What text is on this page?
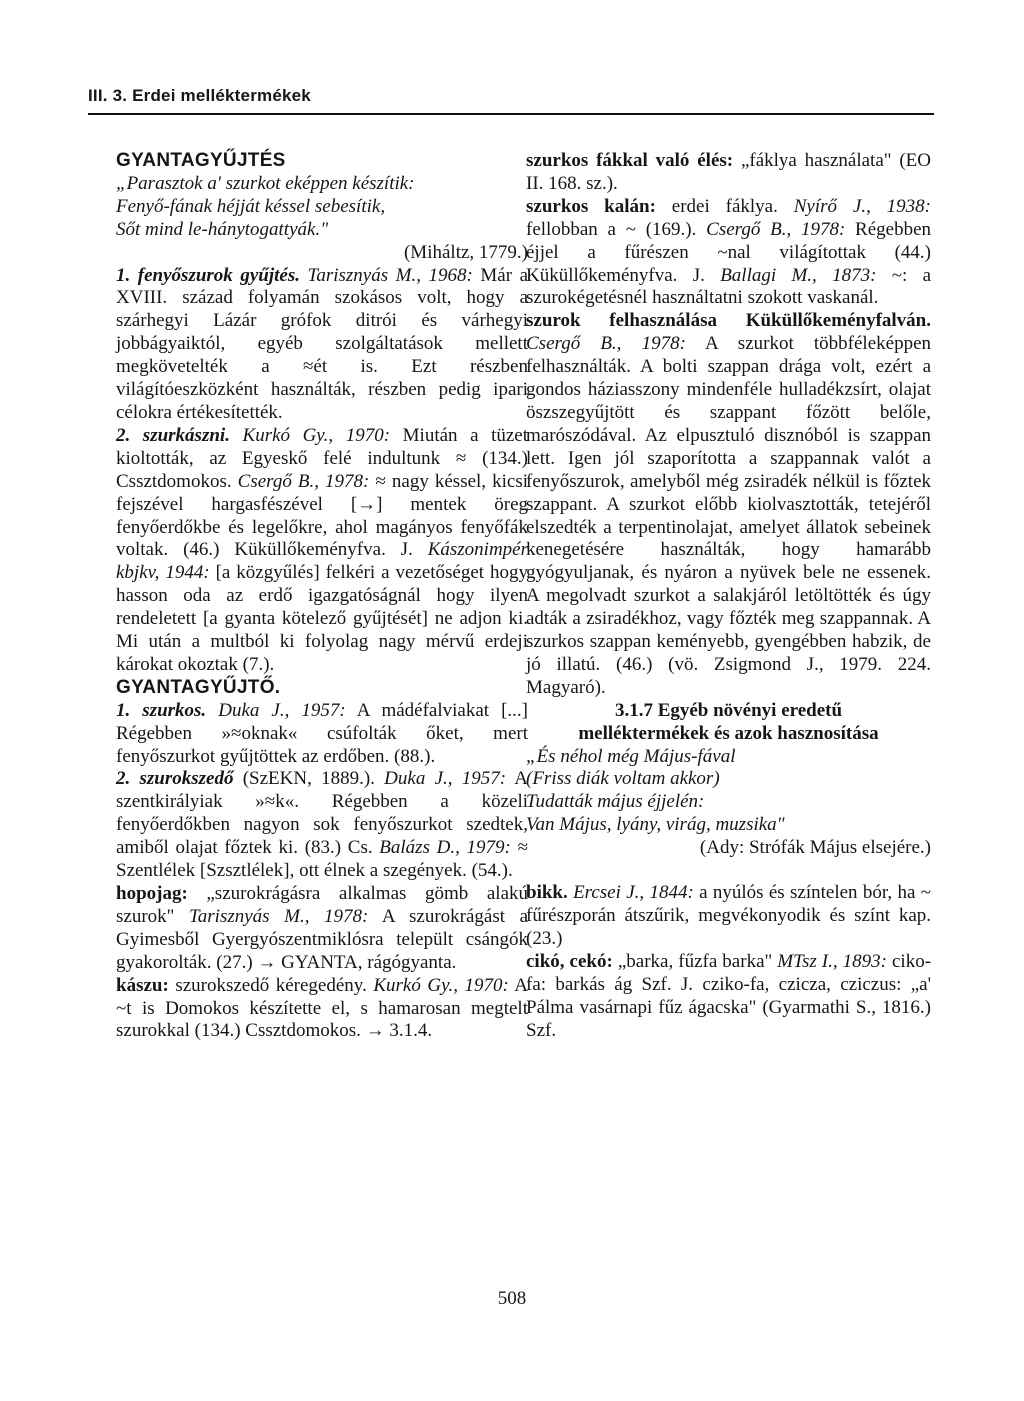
III. 3. Erdei melléktermékek

GYANTAGYŰJTÉS

„Parasztok a' szurkot eképpen készítik:
Fenyő-fának héjját késsel sebesítik,
Sőt mind le-hánytogattyák."

(Miháltz, 1779.)

1. fenyőszurok gyűjtés. Tarisznyás M., 1968: Már a XVIII. század folyamán szokásos volt, hogy a szárhegyi Lázár grófok ditrói és várhegyi jobbágyaiktól, egyéb szolgáltatások mellett megkövetelték a ≈ét is. Ezt részben világítóeszközként használták, részben pedig ipari célokra értékesítették.

2. szurkászni. Kurkó Gy., 1970: Miután a tüzet kioltották, az Egyeskő felé indultunk ≈ (134.) Cssztdomokos. Csergő B., 1978: ≈ nagy késsel, kicsi fejszével hargasfészével [→] mentek öreg fenyőerdőkbe és legelőkre, ahol magányos fenyőfák voltak. (46.) Küküllőkeményfva. J. Kászonimpér kbjkv, 1944: [a közgyűlés] felkéri a vezetőséget hogy hasson oda az erdő igazgatóságnál hogy ilyen rendeletett [a gyanta kötelező gyűjtését] ne adjon ki. Mi után a multból ki folyolag nagy mérvű erdeji károkat okoztak (7.).

GYANTAGYŰJTŐ.

1. szurkos. Duka J., 1957: A mádéfalviakat [...] Régebben »≈oknak« csúfolták őket, mert fenyőszurkot gyűjtöttek az erdőben. (88.).

2. szurokszedő (SzEKN, 1889.). Duka J., 1957: A szentkirályiak »≈k«. Régebben a közeli fenyőerdőkben nagyon sok fenyőszurkot szedtek, amiből olajat főztek ki. (83.) Cs. Balázs D., 1979: ≈ Szentlélek [Szsztlélek], ott élnek a szegények. (54.).

hopojag: „szurokrágásra alkalmas gömb alakú szurok" Tarisznyás M., 1978: A szurokrágást a Gyimesből Gyergyószentmiklósra települt csángók gyakorolták. (27.) → GYANTA, rágógyanta.

kászu: szurokszedő kéregedény. Kurkó Gy., 1970: A ~t is Domokos készítette el, s hamarosan megtelt szurokkal (134.) Cssztdomokos. → 3.1.4.

szurkos fákkal való élés: „fáklya használata" (EO II. 168. sz.).

szurkos kalán: erdei fáklya. Nyírő J., 1938: fellobban a ~ (169.). Csergő B., 1978: Régebben éjjel a fűrészen ~nal világítottak (44.) Küküllőkeményfva. J. Ballagi M., 1873: ~: a szurokégetésnél használtatni szokott vaskanál.

szurok felhasználása Küküllőkeményfalván. Csergő B., 1978: A szurkot többféleképpen felhasználták. A bolti szappan drága volt, ezért a gondos háziasszony mindenféle hulladékzsírt, olajat öszszegyűjtött és szappant főzött belőle, marószódával. Az elpusztuló disznóból is szappan lett. Igen jól szaporította a szappannak valót a fenyőszurok, amelyből még zsiradék nélkül is főztek szappant. A szurkot előbb kiolvasztották, tetejéről elszedték a terpentinolajat, amelyet állatok sebeinek kenegetésére használták, hogy hamarább gyógyuljanak, és nyáron a nyüvek bele ne essenek. A megolvadt szurkot a salakjáról letöltötték és úgy adták a zsiradékhoz, vagy főzték meg szappannak. A szurkos szappan keményebb, gyengébben habzik, de jó illatú. (46.) (vö. Zsigmond J., 1979. 224. Magyaró).

3.1.7 Egyéb növényi eredetű
melléktermékek és azok hasznosítása

„És néhol még Május-fával
(Friss diák voltam akkor)
Tudatták május éjjelén:
Van Május, lyány, virág, muzsika"

(Ady: Strófák Május elsejére.)

bikk. Ercsei J., 1844: a nyúlós és színtelen bór, ha ~ fűrészporán átszűrik, megvékonyodik és színt kap. (23.)

cikó, cekó: „barka, fűzfa barka" MTsz I., 1893: ciko-fa: barkás ág Szf. J. cziko-fa, czicza, cziczus: „a' Pálma vasárnapi fűz ágacska" (Gyarmathi S., 1816.) Szf.

508
